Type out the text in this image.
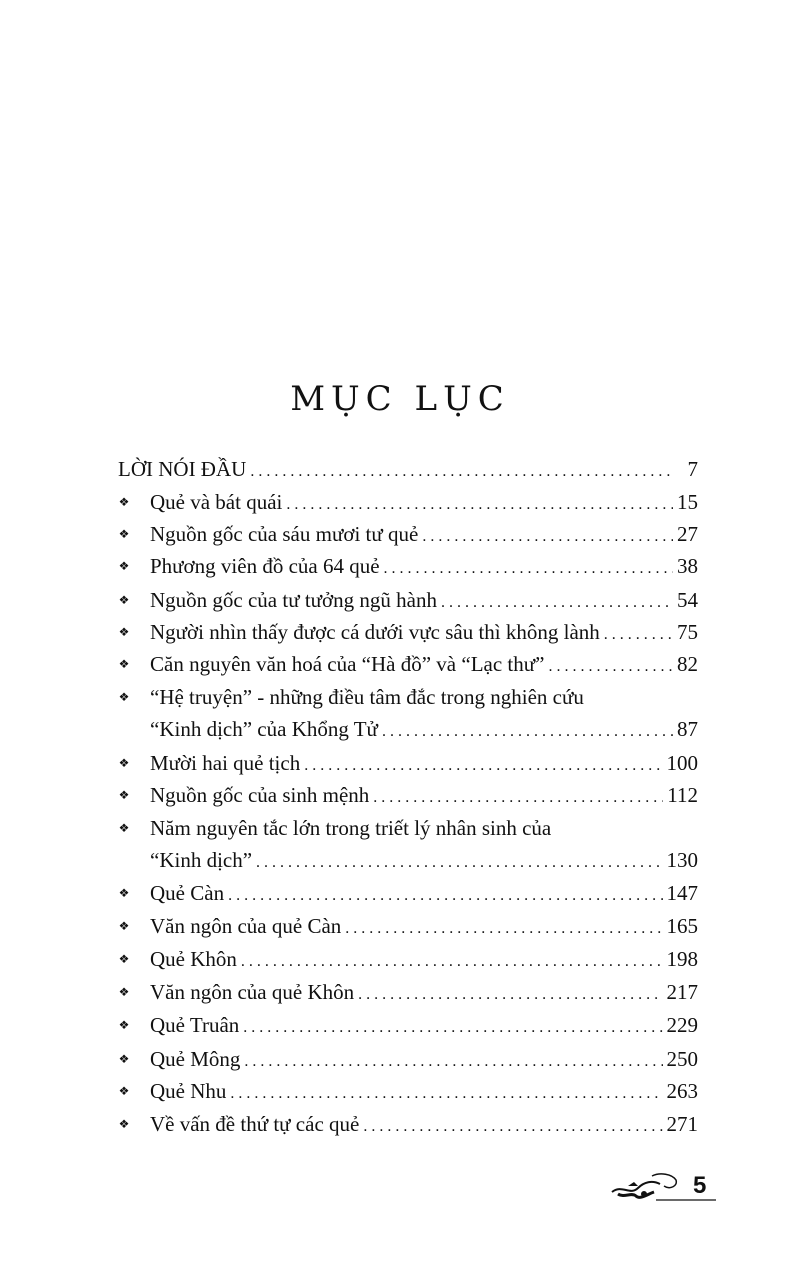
MỤC LỤC
LỜI NÓI ĐẦU . . .	7
❖ Quẻ và bát quái . . .	15
❖ Nguồn gốc của sáu mươi tư quẻ . . .	27
❖ Phương viên đồ của 64 quẻ . . .	38
❖ Nguồn gốc của tư tưởng ngũ hành . . .	54
❖ Người nhìn thấy được cá dưới vực sâu thì không lành . . .	75
❖ Căn nguyên văn hoá của “Hà đồ” và “Lạc thư” . . .	82
❖ “Hệ truyện” - những điều tâm đắc trong nghiên cứu
“Kinh dịch” của Khổng Tử . . .	87
❖ Mười hai quẻ tịch . . .	100
❖ Nguồn gốc của sinh mệnh . . .	112
❖ Năm nguyên tắc lớn trong triết lý nhân sinh của
“Kinh dịch” . . .	130
❖ Quẻ Càn . . .	147
❖ Văn ngôn của quẻ Càn . . .	165
❖ Quẻ Khôn . . .	198
❖ Văn ngôn của quẻ Khôn . . .	217
❖ Quẻ Truân . . .	229
❖ Quẻ Mông . . .	250
❖ Quẻ Nhu . . .	263
❖ Về vấn đề thứ tự các quẻ . . .	271
5
